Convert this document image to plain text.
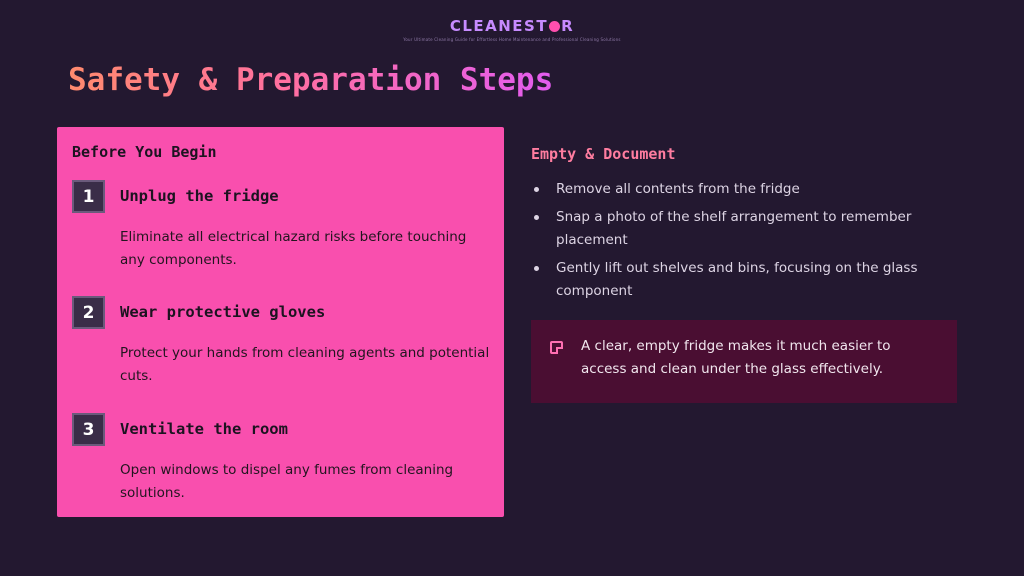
CLEANEST R
Your Ultimate Cleaning Guide for Effortless Home Maintenance and Professional Cleaning Solutions
Safety & Preparation Steps
Before You Begin
1	Unplug the fridge
Eliminate all electrical hazard risks before touching any components.
2	Wear protective gloves
Protect your hands from cleaning agents and potential cuts.
3	Ventilate the room
Open windows to dispel any fumes from cleaning solutions.
Empty & Document
Remove all contents from the fridge
Snap a photo of the shelf arrangement to remember placement
Gently lift out shelves and bins, focusing on the glass component

A clear, empty fridge makes it much easier to access and clean under the glass effectively.
